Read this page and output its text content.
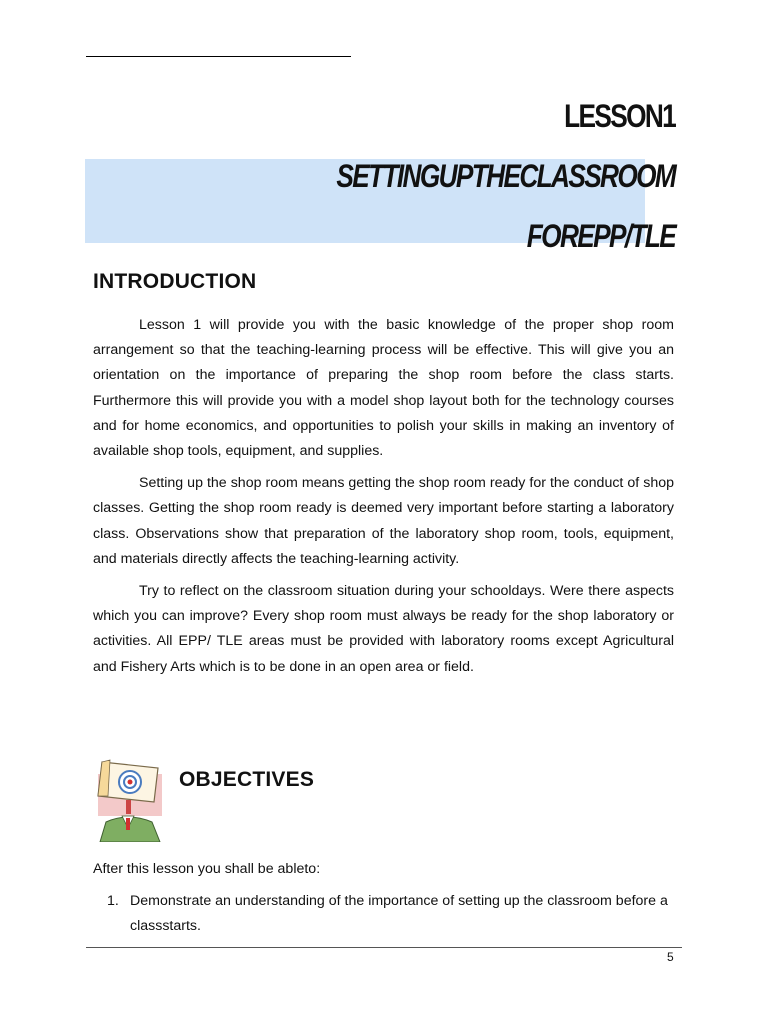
LESSON1
SETTINGUPTHECLASSROOM
FOREPP/TLE
INTRODUCTION

Lesson 1 will provide you with the basic knowledge of the proper shop room arrangement so that the teaching-learning process will be effective. This will give you an orientation on the importance of preparing the shop room before the class starts. Furthermore this will provide you with a model shop layout both for the technology courses and for home economics, and opportunities to polish your skills in making an inventory of available shop tools, equipment, and supplies.

Setting up the shop room means getting the shop room ready for the conduct of shop classes. Getting the shop room ready is deemed very important before starting a laboratory class. Observations show that preparation of the laboratory shop room, tools, equipment, and materials directly affects the teaching-learning activity.

Try to reflect on the classroom situation during your schooldays. Were there aspects which you can improve? Every shop room must always be ready for the shop laboratory or activities. All EPP/ TLE areas must be provided with laboratory rooms except Agricultural and Fishery Arts which is to be done in an open area or field.

OBJECTIVES
After this lesson you shall be ableto:
1. Demonstrate an understanding of the importance of setting up the classroom before a classstarts.
5
